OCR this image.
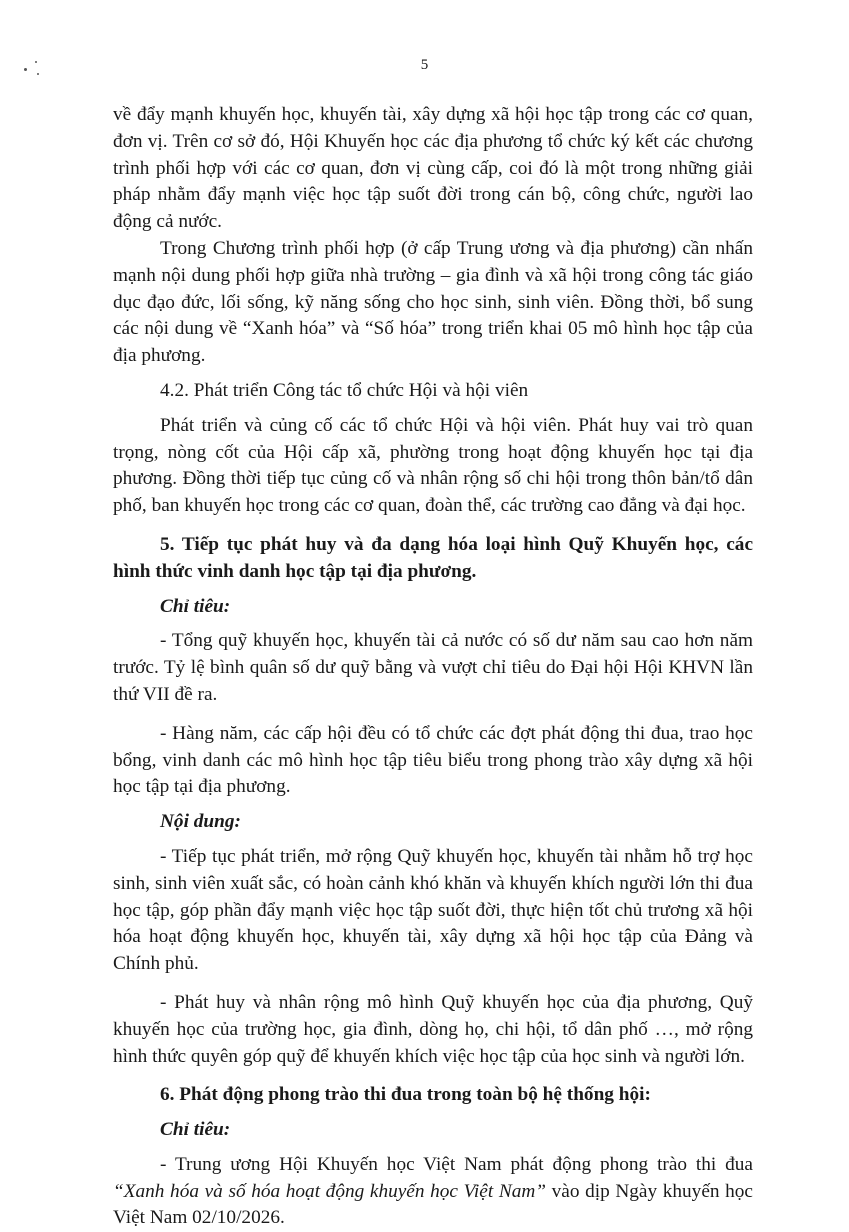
5

về đẩy mạnh khuyến học, khuyến tài, xây dựng xã hội học tập trong các cơ quan, đơn vị. Trên cơ sở đó, Hội Khuyến học các địa phương tổ chức ký kết các chương trình phối hợp với các cơ quan, đơn vị cùng cấp, coi đó là một trong những giải pháp nhằm đẩy mạnh việc học tập suốt đời trong cán bộ, công chức, người lao động cả nước.

Trong Chương trình phối hợp (ở cấp Trung ương và địa phương) cần nhấn mạnh nội dung phối hợp giữa nhà trường – gia đình và xã hội trong công tác giáo dục đạo đức, lối sống, kỹ năng sống cho học sinh, sinh viên. Đồng thời, bổ sung các nội dung về “Xanh hóa” và “Số hóa” trong triển khai 05 mô hình học tập của địa phương.

4.2. Phát triển Công tác tổ chức Hội và hội viên

Phát triển và củng cố các tổ chức Hội và hội viên. Phát huy vai trò quan trọng, nòng cốt của Hội cấp xã, phường trong hoạt động khuyến học tại địa phương. Đồng thời tiếp tục củng cố và nhân rộng số chi hội trong thôn bản/tổ dân phố, ban khuyến học trong các cơ quan, đoàn thể, các trường cao đẳng và đại học.

5. Tiếp tục phát huy và đa dạng hóa loại hình Quỹ Khuyến học, các hình thức vinh danh học tập tại địa phương.

Chỉ tiêu:

- Tổng quỹ khuyến học, khuyến tài cả nước có số dư năm sau cao hơn năm trước. Tỷ lệ bình quân số dư quỹ bằng và vượt chỉ tiêu do Đại hội Hội KHVN lần thứ VII đề ra.

- Hàng năm, các cấp hội đều có tổ chức các đợt phát động thi đua, trao học bổng, vinh danh các mô hình học tập tiêu biểu trong phong trào xây dựng xã hội học tập tại địa phương.

Nội dung:

- Tiếp tục phát triển, mở rộng Quỹ khuyến học, khuyến tài nhằm hỗ trợ học sinh, sinh viên xuất sắc, có hoàn cảnh khó khăn và khuyến khích người lớn thi đua học tập, góp phần đẩy mạnh việc học tập suốt đời, thực hiện tốt chủ trương xã hội hóa hoạt động khuyến học, khuyến tài, xây dựng xã hội học tập của Đảng và Chính phủ.

- Phát huy và nhân rộng mô hình Quỹ khuyến học của địa phương, Quỹ khuyến học của trường học, gia đình, dòng họ, chi hội, tổ dân phố …, mở rộng hình thức quyên góp quỹ để khuyến khích việc học tập của học sinh và người lớn.

6. Phát động phong trào thi đua trong toàn bộ hệ thống hội:

Chỉ tiêu:

- Trung ương Hội Khuyến học Việt Nam phát động phong trào thi đua “Xanh hóa và số hóa hoạt động khuyến học Việt Nam” vào dịp Ngày khuyến học Việt Nam 02/10/2026.
